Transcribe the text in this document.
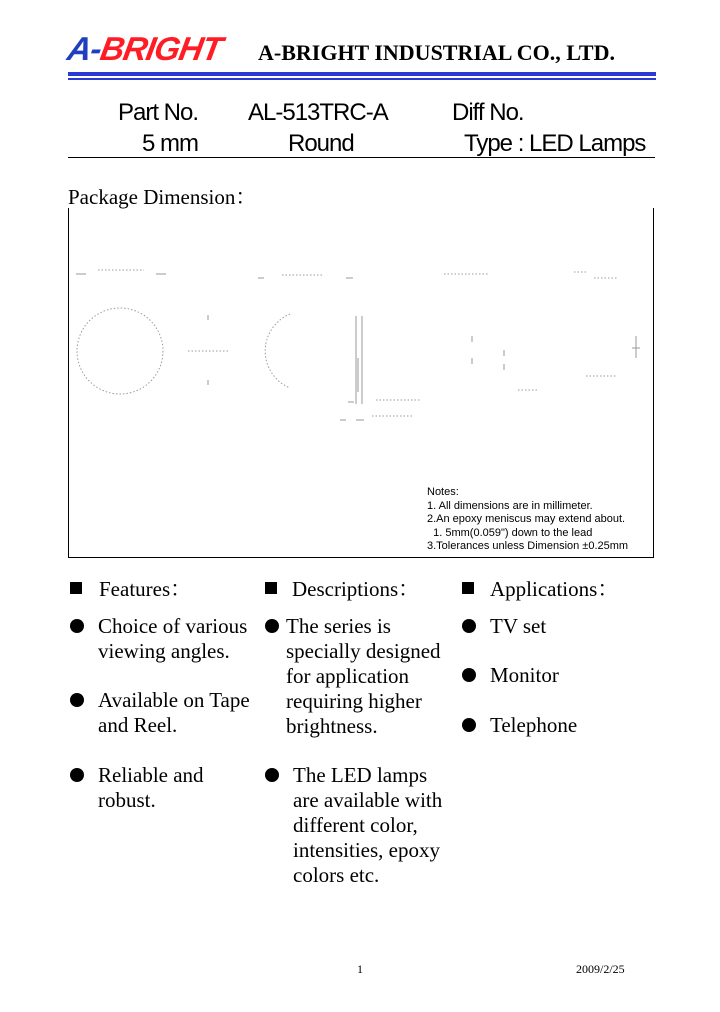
A-BRIGHT A-BRIGHT INDUSTRIAL CO., LTD.
Part No. AL-513TRC-A	Diff No.
5 mm	Round	Type : LED Lamps
Package Dimension：
Notes:
1. All dimensions are in millimeter.
2.An epoxy meniscus may extend about.
1. 5mm(0.059") down to the lead
3.Tolerances unless Dimension ±0.25mm
Features：
Choice of various
viewing angles.
Available on Tape
and Reel.
Reliable and
robust.
Descriptions：
The series is
specially designed
for application
requiring higher
brightness.
The LED lamps
are available with
different color,
intensities, epoxy
colors etc.
Applications：
TV set
Monitor
Telephone
1	2009/2/25
